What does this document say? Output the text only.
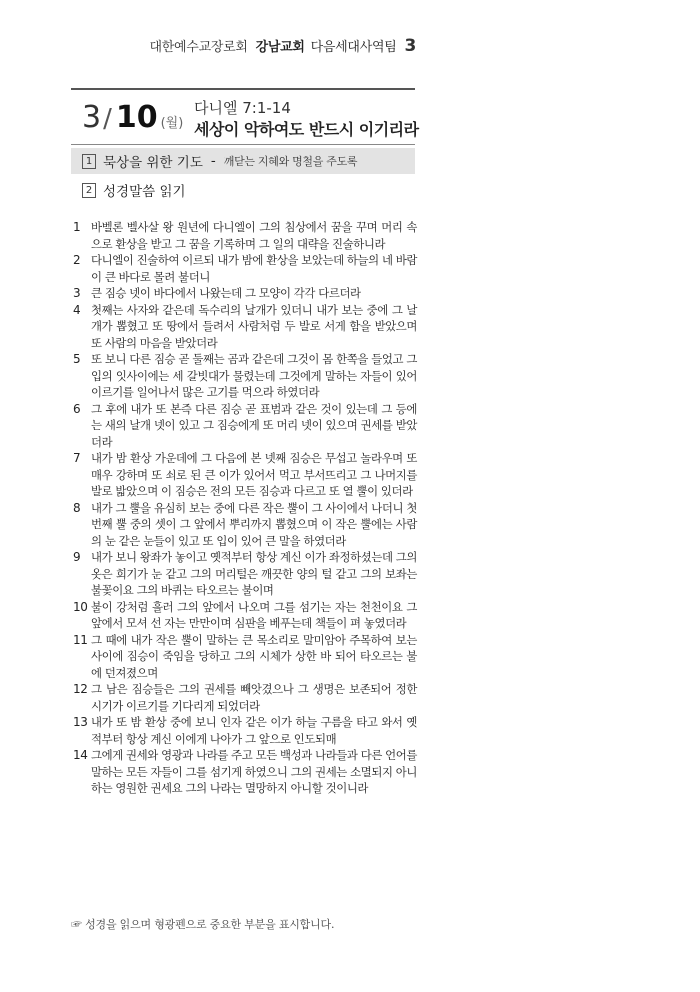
대한예수교장로회 강남교회 다음세대사역팀 3
3 / 10 (월)
다니엘 7:1-14
세상이 악하여도 반드시 이기리라
1 묵상을 위한 기도 - 깨닫는 지혜와 명철을 주도록
2 성경말씀 읽기
1 바벨론 벨사살 왕 원년에 다니엘이 그의 침상에서 꿈을 꾸며 머리 속으로 환상을 받고 그 꿈을 기록하며 그 일의 대략을 진술하니라
2 다니엘이 진술하여 이르되 내가 밤에 환상을 보았는데 하늘의 네 바람이 큰 바다로 몰려 불더니
3 큰 짐승 넷이 바다에서 나왔는데 그 모양이 각각 다르더라
4 첫째는 사자와 같은데 독수리의 날개가 있더니 내가 보는 중에 그 날개가 뽑혔고 또 땅에서 들려서 사람처럼 두 발로 서게 함을 받았으며 또 사람의 마음을 받았더라
5 또 보니 다른 짐승 곧 둘째는 곰과 같은데 그것이 몸 한쪽을 들었고 그 입의 잇사이에는 세 갈빗대가 물렸는데 그것에게 말하는 자들이 있어 이르기를 일어나서 많은 고기를 먹으라 하였더라
6 그 후에 내가 또 본즉 다른 짐승 곧 표범과 같은 것이 있는데 그 등에는 새의 날개 넷이 있고 그 짐승에게 또 머리 넷이 있으며 권세를 받았더라
7 내가 밤 환상 가운데에 그 다음에 본 넷째 짐승은 무섭고 놀라우며 또 매우 강하며 또 쇠로 된 큰 이가 있어서 먹고 부서뜨리고 그 나머지를 발로 밟았으며 이 짐승은 전의 모든 짐승과 다르고 또 열 뿔이 있더라
8 내가 그 뿔을 유심히 보는 중에 다른 작은 뿔이 그 사이에서 나더니 첫 번째 뿔 중의 셋이 그 앞에서 뿌리까지 뽑혔으며 이 작은 뿔에는 사람의 눈 같은 눈들이 있고 또 입이 있어 큰 말을 하였더라
9 내가 보니 왕좌가 놓이고 옛적부터 항상 계신 이가 좌정하셨는데 그의 옷은 희기가 눈 같고 그의 머리털은 깨끗한 양의 털 같고 그의 보좌는 불꽃이요 그의 바퀴는 타오르는 불이며
10 불이 강처럼 흘러 그의 앞에서 나오며 그를 섬기는 자는 천천이요 그 앞에서 모셔 선 자는 만만이며 심판을 베푸는데 책들이 펴 놓였더라
11 그 때에 내가 작은 뿔이 말하는 큰 목소리로 말미암아 주목하여 보는 사이에 짐승이 죽임을 당하고 그의 시체가 상한 바 되어 타오르는 불에 던져졌으며
12 그 남은 짐승들은 그의 권세를 빼앗겼으나 그 생명은 보존되어 정한 시기가 이르기를 기다리게 되었더라
13 내가 또 밤 환상 중에 보니 인자 같은 이가 하늘 구름을 타고 와서 옛적부터 항상 계신 이에게 나아가 그 앞으로 인도되매
14 그에게 권세와 영광과 나라를 주고 모든 백성과 나라들과 다른 언어를 말하는 모든 자들이 그를 섬기게 하였으니 그의 권세는 소멸되지 아니하는 영원한 권세요 그의 나라는 멸망하지 아니할 것이니라
☞ 성경을 읽으며 형광펜으로 중요한 부분을 표시합니다.
